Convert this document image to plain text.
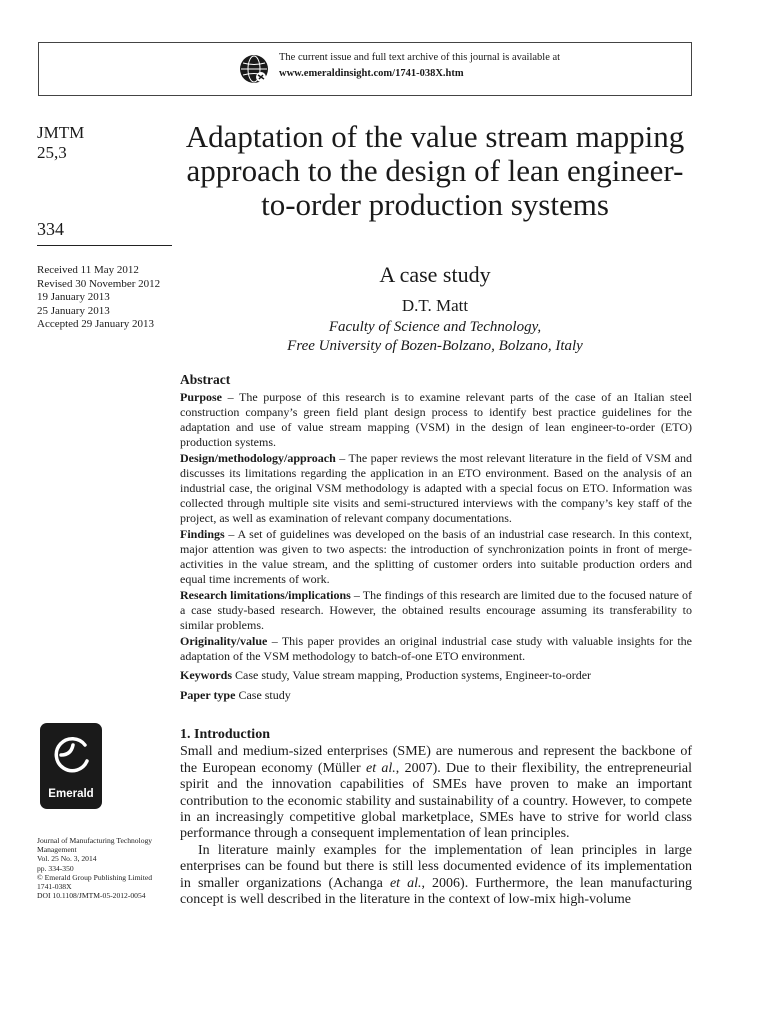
The current issue and full text archive of this journal is available at
www.emeraldinsight.com/1741-038X.htm
JMTM
25,3
334
Received 11 May 2012
Revised 30 November 2012
19 January 2013
25 January 2013
Accepted 29 January 2013
Adaptation of the value stream mapping approach to the design of lean engineer-to-order production systems
A case study
D.T. Matt
Faculty of Science and Technology,
Free University of Bozen-Bolzano, Bolzano, Italy
Abstract
Purpose – The purpose of this research is to examine relevant parts of the case of an Italian steel construction company’s green field plant design process to identify best practice guidelines for the adaptation and use of value stream mapping (VSM) in the design of lean engineer-to-order (ETO) production systems.
Design/methodology/approach – The paper reviews the most relevant literature in the field of VSM and discusses its limitations regarding the application in an ETO environment. Based on the analysis of an industrial case, the original VSM methodology is adapted with a special focus on ETO. Information was collected through multiple site visits and semi-structured interviews with the company’s key staff of the project, as well as examination of relevant company documentations.
Findings – A set of guidelines was developed on the basis of an industrial case research. In this context, major attention was given to two aspects: the introduction of synchronization points in front of merge-activities in the value stream, and the splitting of customer orders into suitable production orders and equal time increments of work.
Research limitations/implications – The findings of this research are limited due to the focused nature of a case study-based research. However, the obtained results encourage assuming its transferability to similar problems.
Originality/value – This paper provides an original industrial case study with valuable insights for the adaptation of the VSM methodology to batch-of-one ETO environment.
Keywords Case study, Value stream mapping, Production systems, Engineer-to-order
Paper type Case study
Emerald
Journal of Manufacturing Technology
Management
Vol. 25 No. 3, 2014
pp. 334-350
© Emerald Group Publishing Limited
1741-038X
DOI 10.1108/JMTM-05-2012-0054
1. Introduction

Small and medium-sized enterprises (SME) are numerous and represent the backbone of the European economy (Müller et al., 2007). Due to their flexibility, the entrepreneurial spirit and the innovation capabilities of SMEs have proven to make an important contribution to the economic stability and sustainability of a country. However, to compete in an increasingly competitive global marketplace, SMEs have to strive for world class performance through a consequent implementation of lean principles.

In literature mainly examples for the implementation of lean principles in large enterprises can be found but there is still less documented evidence of its implementation in smaller organizations (Achanga et al., 2006). Furthermore, the lean manufacturing concept is well described in the literature in the context of low-mix high-volume
